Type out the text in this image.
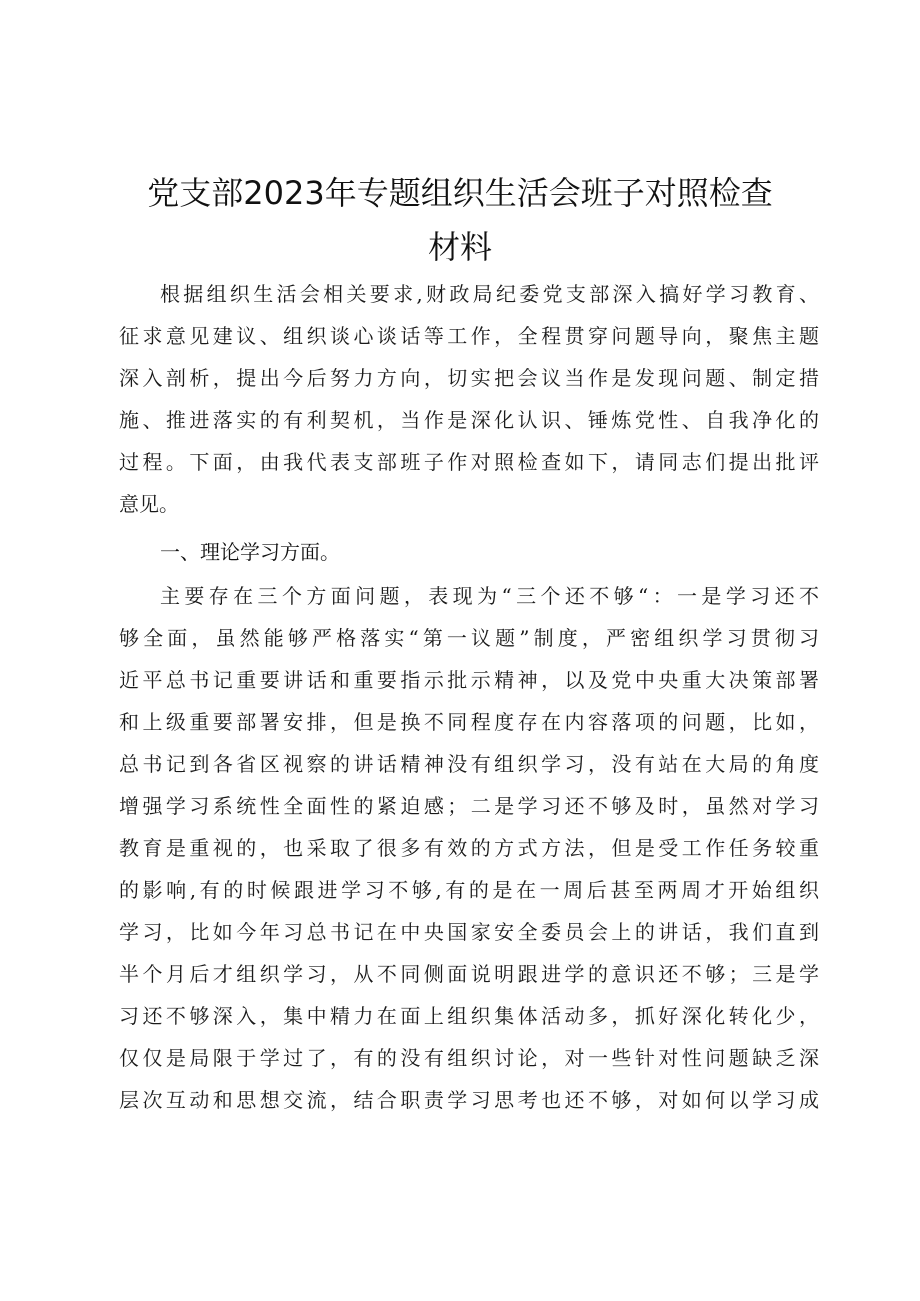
党支部2023年专题组织生活会班子对照检查
材料
根据组织生活会相关要求,财政局纪委党支部深入搞好学习教育、
征求意见建议、组织谈心谈话等工作，全程贯穿问题导向，聚焦主题
深入剖析，提出今后努力方向，切实把会议当作是发现问题、制定措
施、推进落实的有利契机，当作是深化认识、锤炼党性、自我净化的
过程。下面，由我代表支部班子作对照检查如下，请同志们提出批评
意见。
一、理论学习方面。
主要存在三个方面问题，表现为“三个还不够“：一是学习还不
够全面，虽然能够严格落实“第一议题”制度，严密组织学习贯彻习
近平总书记重要讲话和重要指示批示精神，以及党中央重大决策部署
和上级重要部署安排，但是换不同程度存在内容落项的问题，比如，
总书记到各省区视察的讲话精神没有组织学习，没有站在大局的角度
增强学习系统性全面性的紧迫感；二是学习还不够及时，虽然对学习
教育是重视的，也采取了很多有效的方式方法，但是受工作任务较重
的影响,有的时候跟进学习不够,有的是在一周后甚至两周才开始组织
学习，比如今年习总书记在中央国家安全委员会上的讲话，我们直到
半个月后才组织学习，从不同侧面说明跟进学的意识还不够；三是学
习还不够深入，集中精力在面上组织集体活动多，抓好深化转化少，
仅仅是局限于学过了，有的没有组织讨论，对一些针对性问题缺乏深
层次互动和思想交流，结合职责学习思考也还不够，对如何以学习成
